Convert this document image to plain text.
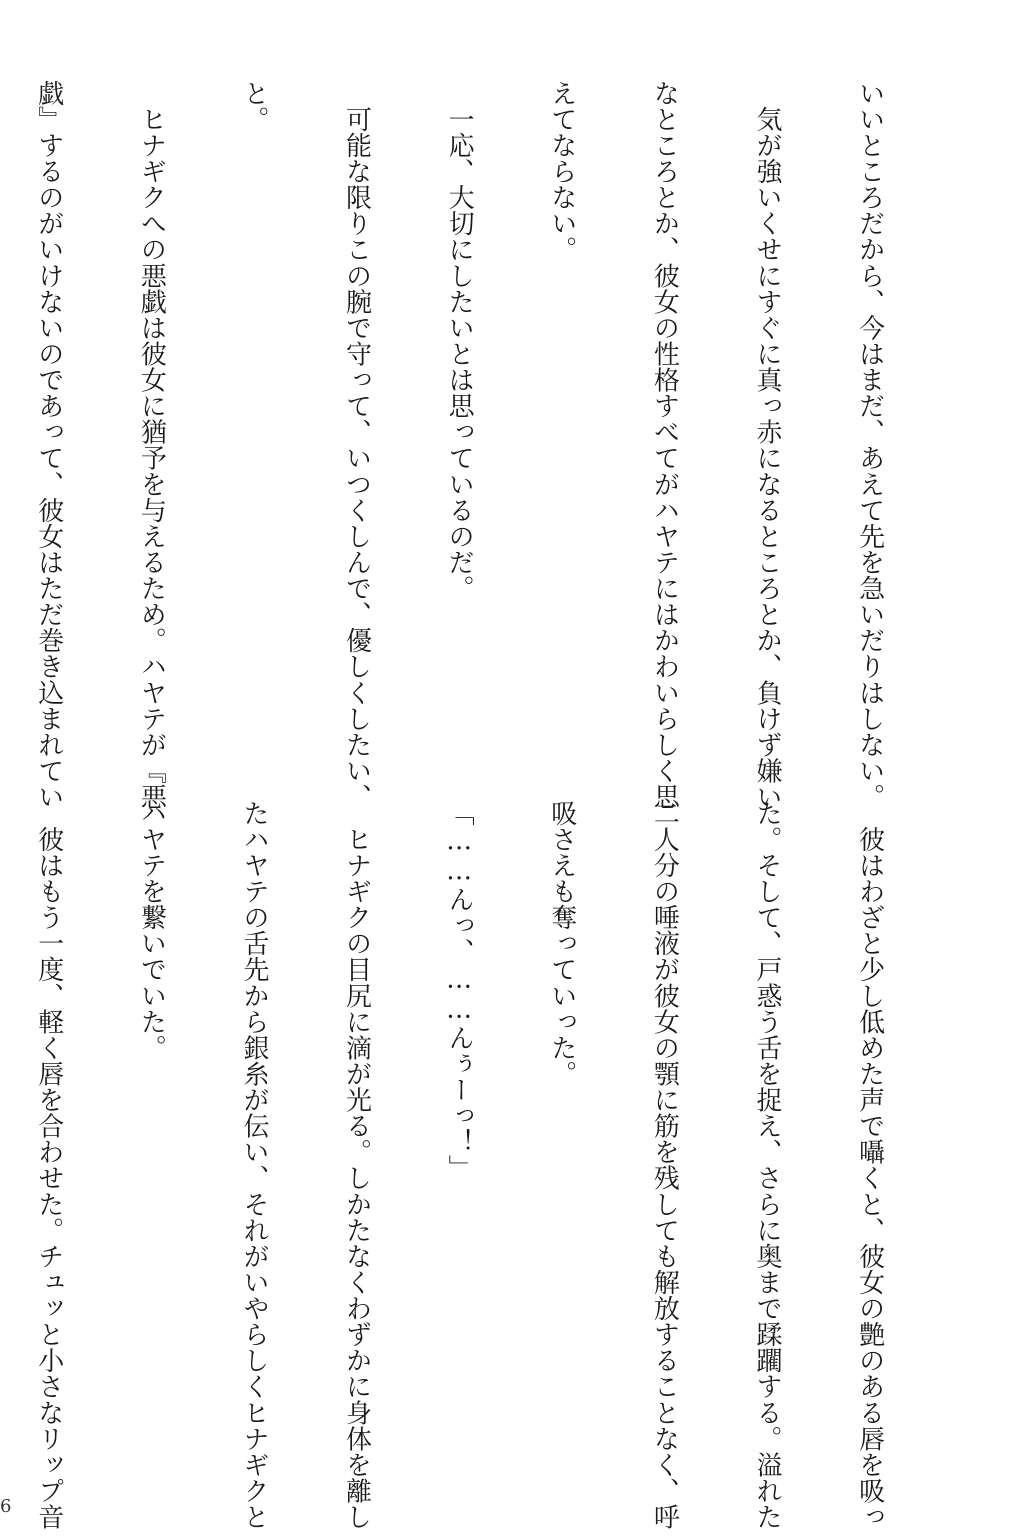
いいところだから、今はまだ、あえて先を急いだりはしない。

　気が強いくせにすぐに真っ赤になるところとか、負けず嫌い

なところとか、彼女の性格すべてがハヤテにはかわいらしく思

えてならない。

　一応、大切にしたいとは思っているのだ。

　可能な限りこの腕で守って、いつくしんで、優しくしたい、

と。

　ヒナギクへの悪戯は彼女に猶予を与えるため。ハヤテが『悪

戯』するのがいけないのであって、彼女はただ巻き込まれてい

　彼はわざと少し低めた声で囁くと、彼女の艶のある唇を吸っ

た。そして、戸惑う舌を捉え、さらに奥まで蹂躙する。溢れた

二人分の唾液が彼女の顎に筋を残しても解放することなく、呼

吸さえも奪っていった。

「……んっ、……んぅーっ！」

　ヒナギクの目尻に滴が光る。しかたなくわずかに身体を離し

たハヤテの舌先から銀糸が伝い、それがいやらしくヒナギクと

ハヤテを繋いでいた。

　彼はもう一度、軽く唇を合わせた。チュッと小さなリップ音

6
